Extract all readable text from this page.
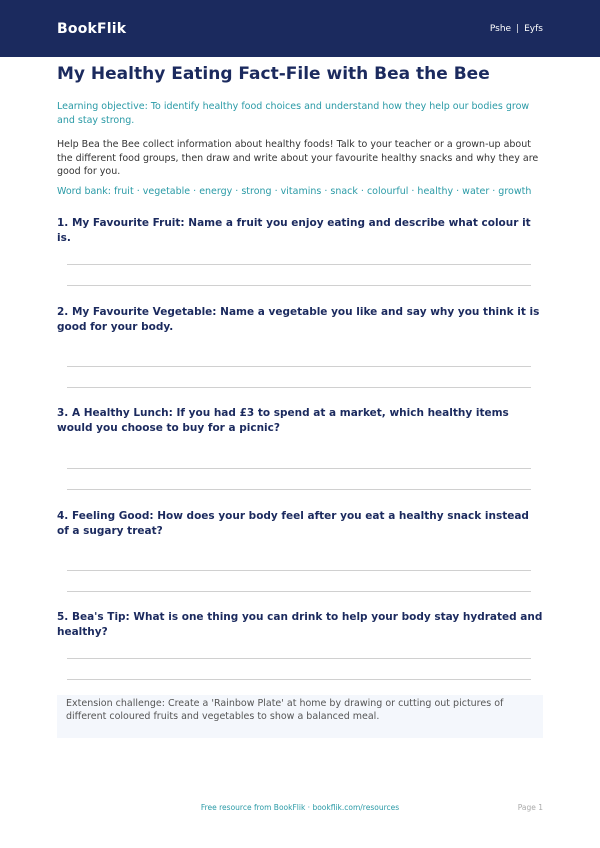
BookFlik	Pshe | Eyfs
My Healthy Eating Fact-File with Bea the Bee

Learning objective: To identify healthy food choices and understand how they help our bodies grow and stay strong.

Help Bea the Bee collect information about healthy foods! Talk to your teacher or a grown-up about the different food groups, then draw and write about your favourite healthy snacks and why they are good for you.

Word bank: fruit · vegetable · energy · strong · vitamins · snack · colourful · healthy · water · growth

1. My Favourite Fruit: Name a fruit you enjoy eating and describe what colour it is.

2. My Favourite Vegetable: Name a vegetable you like and say why you think it is good for your body.

3. A Healthy Lunch: If you had £3 to spend at a market, which healthy items would you choose to buy for a picnic?

4. Feeling Good: How does your body feel after you eat a healthy snack instead of a sugary treat?

5. Bea's Tip: What is one thing you can drink to help your body stay hydrated and healthy?

Extension challenge: Create a 'Rainbow Plate' at home by drawing or cutting out pictures of different coloured fruits and vegetables to show a balanced meal.
Free resource from BookFlik · bookflik.com/resources	Page 1
